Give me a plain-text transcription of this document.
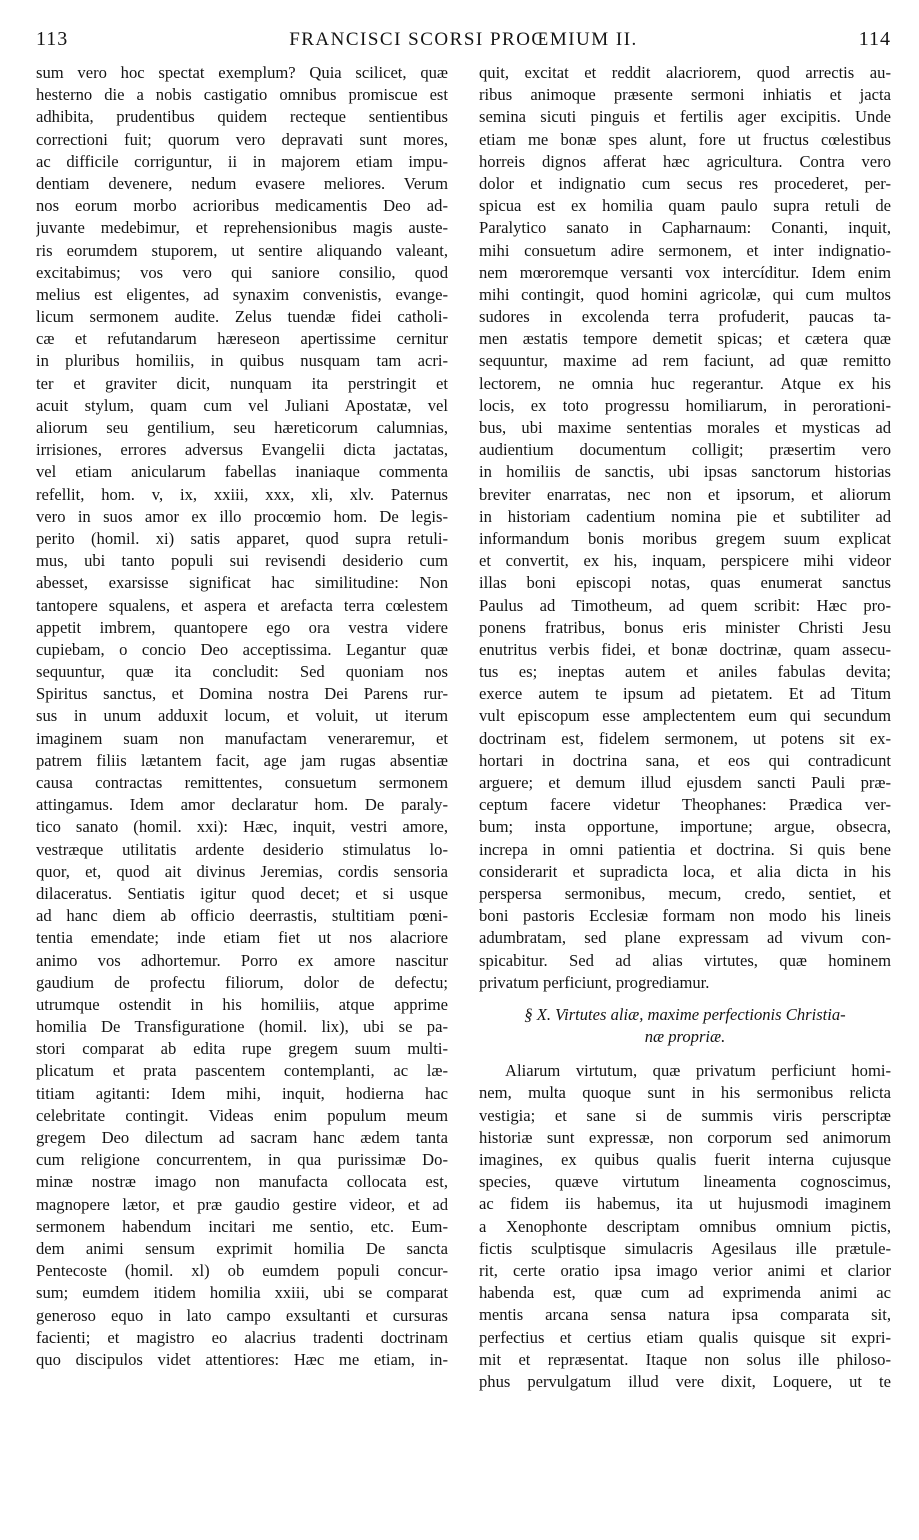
113	FRANCISCI SCORSI PROŒMIUM II.	114
sum vero hoc spectat exemplum? Quia scilicet, quæ
hesterno die a nobis castigatio omnibus promiscue est
adhibita, prudentibus quidem recteque sentientibus
correctioni fuit; quorum vero depravati sunt mores,
ac difficile corriguntur, ii in majorem etiam impu-
dentiam devenere, nedum evasere meliores. Verum
nos eorum morbo acrioribus medicamentis Deo ad-
juvante medebimur, et reprehensionibus magis auste-
ris eorumdem stuporem, ut sentire aliquando valeant,
excitabimus; vos vero qui saniore consilio, quod
melius est eligentes, ad synaxim convenistis, evange-
licum sermonem audite. Zelus tuendæ fidei catholi-
cæ et refutandarum hæreseon apertissime cernitur
in pluribus homiliis, in quibus nusquam tam acri-
ter et graviter dicit, nunquam ita perstringit et
acuit stylum, quam cum vel Juliani Apostatæ, vel
aliorum seu gentilium, seu hæreticorum calumnias,
irrisiones, errores adversus Evangelii dicta jactatas,
vel etiam anicularum fabellas inaniaque commenta
refellit, hom. v, ix, xxiii, xxx, xli, xlv. Paternus
vero in suos amor ex illo procœmio hom. De legis-
perito (homil. xi) satis apparet, quod supra retuli-
mus, ubi tanto populi sui revisendi desiderio cum
abesset, exarsisse significat hac similitudine: Non
tantopere squalens, et aspera et arefacta terra cœlestem
appetit imbrem, quantopere ego ora vestra videre
cupiebam, o concio Deo acceptissima. Legantur quæ
sequuntur, quæ ita concludit: Sed quoniam nos
Spiritus sanctus, et Domina nostra Dei Parens rur-
sus in unum adduxit locum, et voluit, ut iterum
imaginem suam non manufactam veneraremur, et
patrem filiis lætantem facit, age jam rugas absentiæ
causa contractas remittentes, consuetum sermonem
attingamus. Idem amor declaratur hom. De paraly-
tico sanato (homil. xxi): Hæc, inquit, vestri amore,
vestræque utilitatis ardente desiderio stimulatus lo-
quor, et, quod ait divinus Jeremias, cordis sensoria
dilaceratus. Sentiatis igitur quod decet; et si usque
ad hanc diem ab officio deerrastis, stultitiam pœni-
tentia emendate; inde etiam fiet ut nos alacriore
animo vos adhortemur. Porro ex amore nascitur
gaudium de profectu filiorum, dolor de defectu;
utrumque ostendit in his homiliis, atque apprime
homilia De Transfiguratione (homil. lix), ubi se pa-
stori comparat ab edita rupe gregem suum multi-
plicatum et prata pascentem contemplanti, ac læ-
titiam agitanti: Idem mihi, inquit, hodierna hac
celebritate contingit. Videas enim populum meum
gregem Deo dilectum ad sacram hanc ædem tanta
cum religione concurrentem, in qua purissimæ Do-
minæ nostræ imago non manufacta collocata est,
magnopere lætor, et præ gaudio gestire videor, et ad
sermonem habendum incitari me sentio, etc. Eum-
dem animi sensum exprimit homilia De sancta
Pentecoste (homil. xl) ob eumdem populi concur-
sum; eumdem itidem homilia xxiii, ubi se comparat
generoso equo in lato campo exsultanti et cursuras
facienti; et magistro eo alacrius tradenti doctrinam
quo discipulos videt attentiores: Hæc me etiam, in-
quit, excitat et reddit alacriorem, quod arrectis au-
ribus animoque præsente sermoni inhiatis et jacta
semina sicuti pinguis et fertilis ager excipitis. Unde
etiam me bonæ spes alunt, fore ut fructus cœlestibus
horreis dignos afferat hæc agricultura. Contra vero
dolor et indignatio cum secus res procederet, per-
spicua est ex homilia quam paulo supra retuli de
Paralytico sanato in Capharnaum: Conanti, inquit,
mihi consuetum adire sermonem, et inter indignatio-
nem mœroremque versanti vox intercíditur. Idem enim
mihi contingit, quod homini agricolæ, qui cum multos
sudores in excolenda terra profuderit, paucas ta-
men æstatis tempore demetit spicas; et cætera quæ
sequuntur, maxime ad rem faciunt, ad quæ remitto
lectorem, ne omnia huc regerantur. Atque ex his
locis, ex toto progressu homiliarum, in perorationi-
bus, ubi maxime sententias morales et mysticas ad
audientium documentum colligit; præsertim vero
in homiliis de sanctis, ubi ipsas sanctorum historias
breviter enarratas, nec non et ipsorum, et aliorum
in historiam cadentium nomina pie et subtiliter ad
informandum bonis moribus gregem suum explicat
et convertit, ex his, inquam, perspicere mihi videor
illas boni episcopi notas, quas enumerat sanctus
Paulus ad Timotheum, ad quem scribit: Hæc pro-
ponens fratribus, bonus eris minister Christi Jesu
enutritus verbis fidei, et bonæ doctrinæ, quam assecu-
tus es; ineptas autem et aniles fabulas devita;
exerce autem te ipsum ad pietatem. Et ad Titum
vult episcopum esse amplectentem eum qui secundum
doctrinam est, fidelem sermonem, ut potens sit ex-
hortari in doctrina sana, et eos qui contradicunt
arguere; et demum illud ejusdem sancti Pauli præ-
ceptum facere videtur Theophanes: Prædica ver-
bum; insta opportune, importune; argue, obsecra,
increpa in omni patientia et doctrina. Si quis bene
considerarit et supradicta loca, et alia dicta in his
perspersa sermonibus, mecum, credo, sentiet, et
boni pastoris Ecclesiæ formam non modo his lineis
adumbratam, sed plane expressam ad vivum con-
spicabitur. Sed ad alias virtutes, quæ hominem
privatum perficiunt, progrediamur.
§ X. Virtutes aliæ, maxime perfectionis Christia-
næ propriæ.
Aliarum virtutum, quæ privatum perficiunt homi-
nem, multa quoque sunt in his sermonibus relicta
vestigia; et sane si de summis viris perscriptæ
historiæ sunt expressæ, non corporum sed animorum
imagines, ex quibus qualis fuerit interna cujusque
species, quæve virtutum lineamenta cognoscimus,
ac fidem iis habemus, ita ut hujusmodi imaginem
a Xenophonte descriptam omnibus omnium pictis,
fictis sculptisque simulacris Agesilaus ille prætule-
rit, certe oratio ipsa imago verior animi et clarior
habenda est, quæ cum ad exprimenda animi ac
mentis arcana sensa natura ipsa comparata sit,
perfectius et certius etiam qualis quisque sit expri-
mit et repræsentat. Itaque non solus ille philoso-
phus pervulgatum illud vere dixit, Loquere, ut te
